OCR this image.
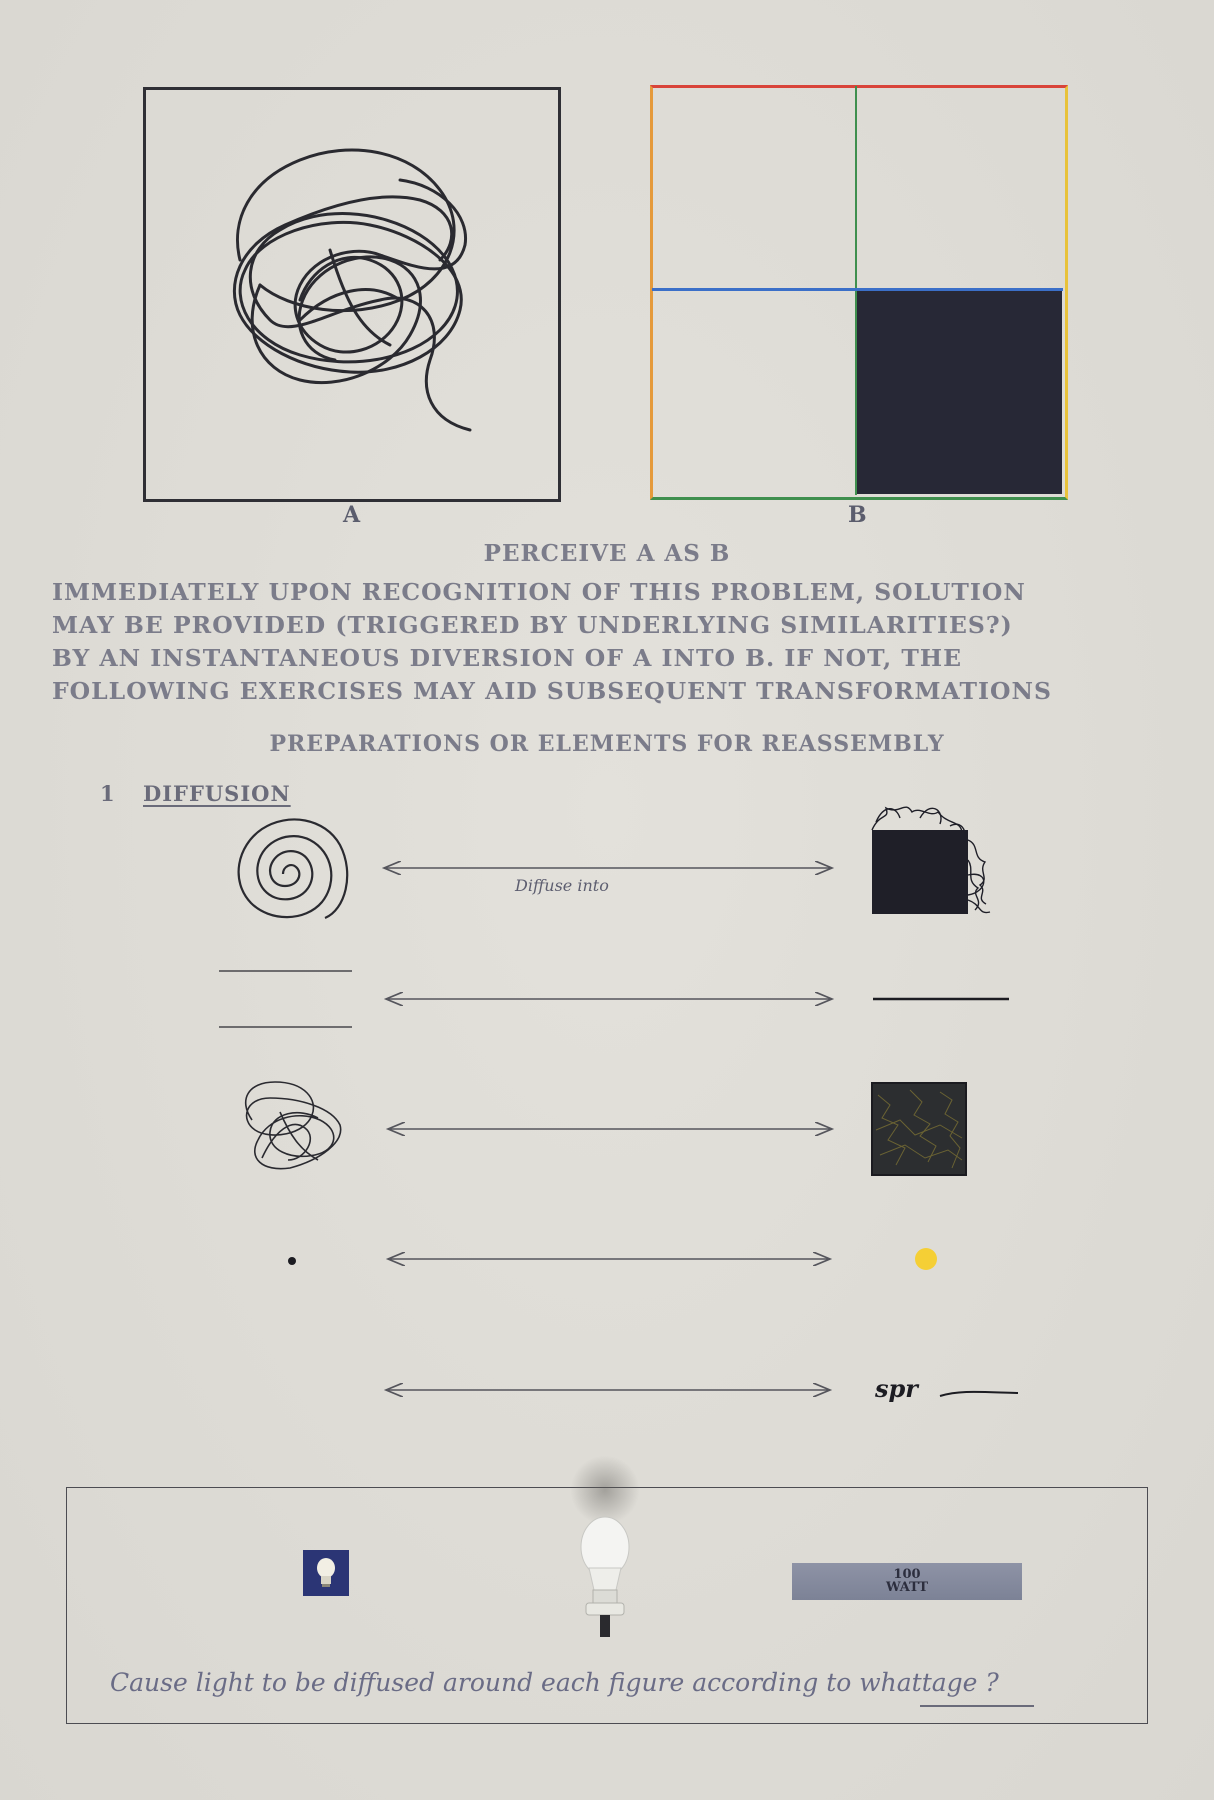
A	B
PERCEIVE A AS B
IMMEDIATELY UPON RECOGNITION OF THIS PROBLEM, SOLUTION
MAY BE PROVIDED (TRIGGERED BY UNDERLYING SIMILARITIES?)
BY AN INSTANTANEOUS DIVERSION OF A INTO B. IF NOT, THE
FOLLOWING EXERCISES MAY AID SUBSEQUENT TRANSFORMATIONS
PREPARATIONS OR ELEMENTS FOR REASSEMBLY
1 DIFFUSION
Diffuse into
spr
100
WATT
Cause light to be diffused around each figure according to whattage ?
